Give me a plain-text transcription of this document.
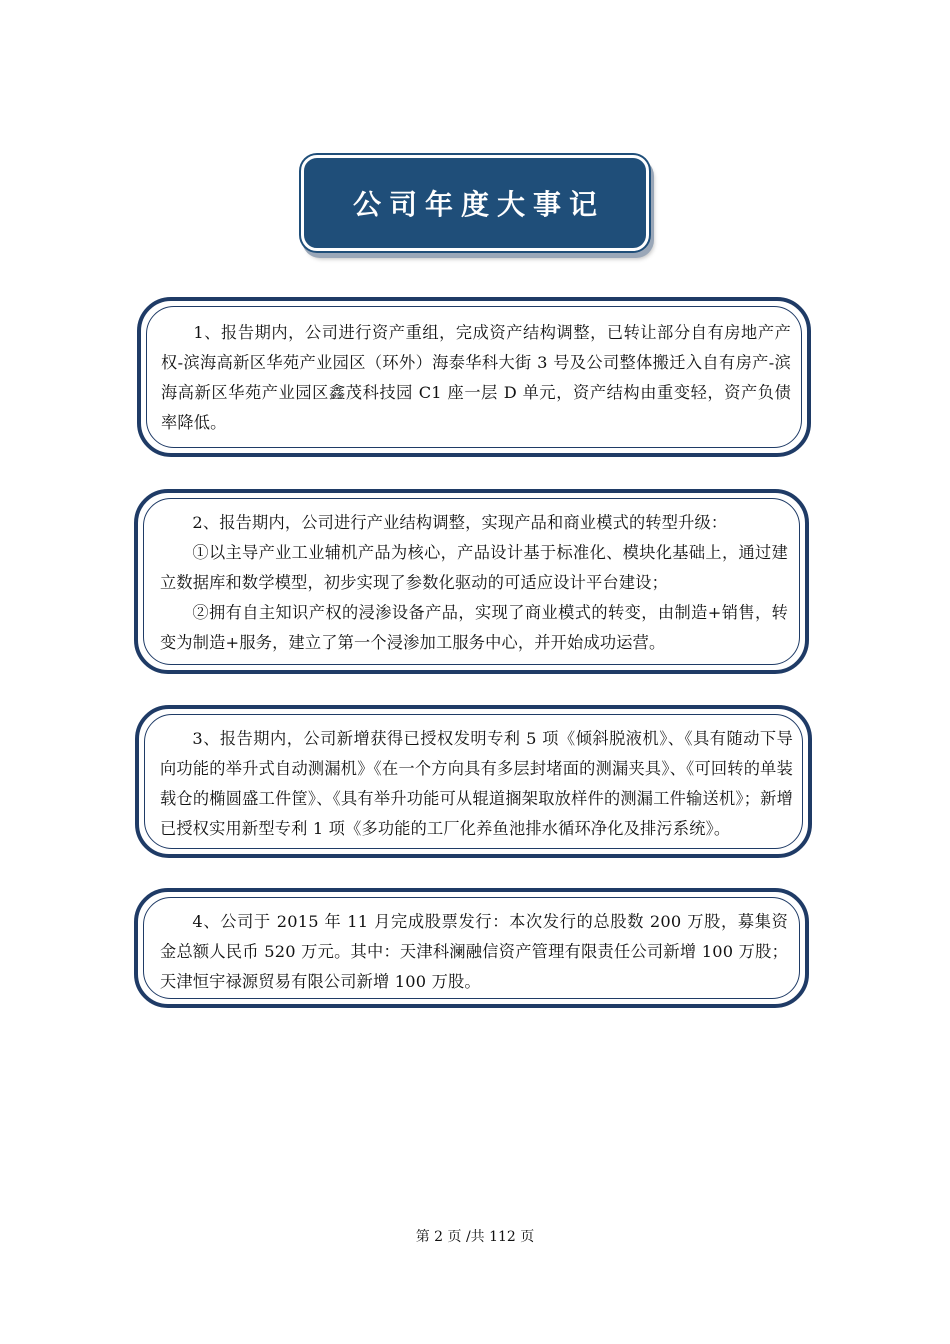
公司年度大事记

1、报告期内，公司进行资产重组，完成资产结构调整，已转让部分自有房地产产权-滨海高新区华苑产业园区（环外）海泰华科大街 3 号及公司整体搬迁入自有房产-滨海高新区华苑产业园区鑫茂科技园 C1 座一层 D 单元，资产结构由重变轻，资产负债率降低。

2、报告期内，公司进行产业结构调整，实现产品和商业模式的转型升级：

①以主导产业工业辅机产品为核心，产品设计基于标准化、模块化基础上，通过建立数据库和数学模型，初步实现了参数化驱动的可适应设计平台建设；

②拥有自主知识产权的浸渗设备产品，实现了商业模式的转变，由制造+销售，转变为制造+服务，建立了第一个浸渗加工服务中心，并开始成功运营。

3、报告期内，公司新增获得已授权发明专利 5 项《倾斜脱液机》、《具有随动下导向功能的举升式自动测漏机》《在一个方向具有多层封堵面的测漏夹具》、《可回转的单装载仓的椭圆盛工件筐》、《具有举升功能可从辊道搁架取放样件的测漏工件输送机》；新增已授权实用新型专利 1 项《多功能的工厂化养鱼池排水循环净化及排污系统》。

4、公司于 2015 年 11 月完成股票发行：本次发行的总股数 200 万股，募集资金总额人民币 520 万元。其中：天津科澜融信资产管理有限责任公司新增 100 万股；天津恒宇禄源贸易有限公司新增 100 万股。

第 2 页 /共 112 页
